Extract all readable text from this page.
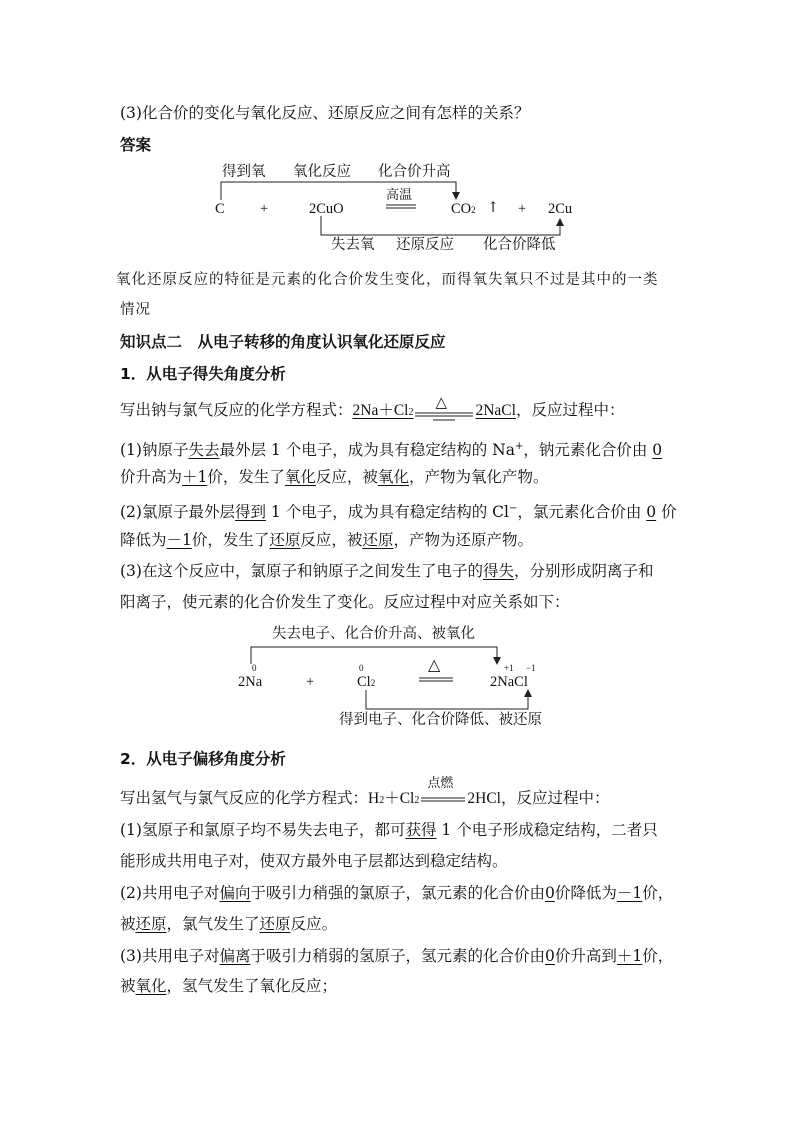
(3)化合价的变化与氧化反应、还原反应之间有怎样的关系？
答案
得到氧 氧化反应 化合价升高
C +	2CuO
高温
CO2 ↑ + 2Cu
失去氧 还原反应 化合价降低
氧化还原反应的特征是元素的化合价发生变化，而得氧失氧只不过是其中的一类
情况
知识点二　从电子转移的角度认识氧化还原反应
1．从电子得失角度分析
写出钠与氯气反应的化学方程式：2Na＋Cl2
△ 2NaCl，反应过程中：
(1)钠原子失去最外层 1 个电子，成为具有稳定结构的 Na+，钠元素化合价由 0
价升高为＋1价，发生了氧化反应，被氧化，产物为氧化产物。
(2)氯原子最外层得到 1 个电子，成为具有稳定结构的 Cl−，氯元素化合价由 0 价
降低为－1价，发生了还原反应，被还原，产物为还原产物。
(3)在这个反应中，氯原子和钠原子之间发生了电子的得失，分别形成阴离子和
阳离子，使元素的化合价发生了变化。反应过程中对应关系如下：
失去电子、化合价升高、被氧化
0
2Na	+
0
Cl2
△	+1 −1
2NaCl
得到电子、化合价降低、被还原
2．从电子偏移角度分析
写出氢气与氯气反应的化学方程式：H2＋Cl2
点燃
2HCl，反应过程中：
(1)氢原子和氯原子均不易失去电子，都可获得 1 个电子形成稳定结构，二者只
能形成共用电子对，使双方最外电子层都达到稳定结构。
(2)共用电子对偏向于吸引力稍强的氯原子，氯元素的化合价由0价降低为－1价，
被还原，氯气发生了还原反应。
(3)共用电子对偏离于吸引力稍弱的氢原子，氢元素的化合价由0价升高到＋1价，
被氧化，氢气发生了氧化反应；
